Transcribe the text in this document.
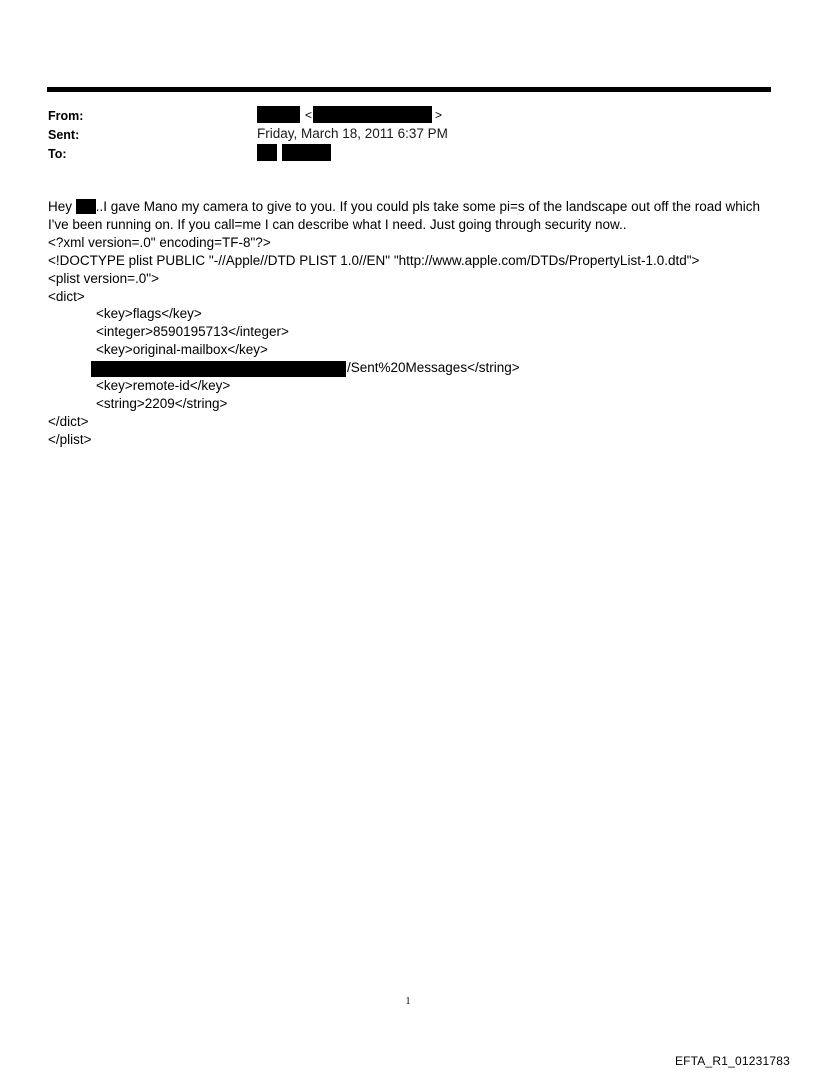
From:
Sent:
To:
<	>
Friday, March 18, 2011 6:37 PM
Hey ..I gave Mano my camera to give to you. If you could pls take some pi=s of the landscape out off the road which
I've been running on. If you call=me I can describe what I need. Just going through security now..
<?xml version=.0" encoding=TF-8"?>
<!DOCTYPE plist PUBLIC "-//Apple//DTD PLIST 1.0//EN" "http://www.apple.com/DTDs/PropertyList-1.0.dtd">
<plist version=.0">
<dict>
<key>flags</key>
<integer>8590195713</integer>
<key>original-mailbox</key>
/Sent%20Messages</string>
<key>remote-id</key>
<string>2209</string>
</dict>
</plist>
1
EFTA_R1_01231783
